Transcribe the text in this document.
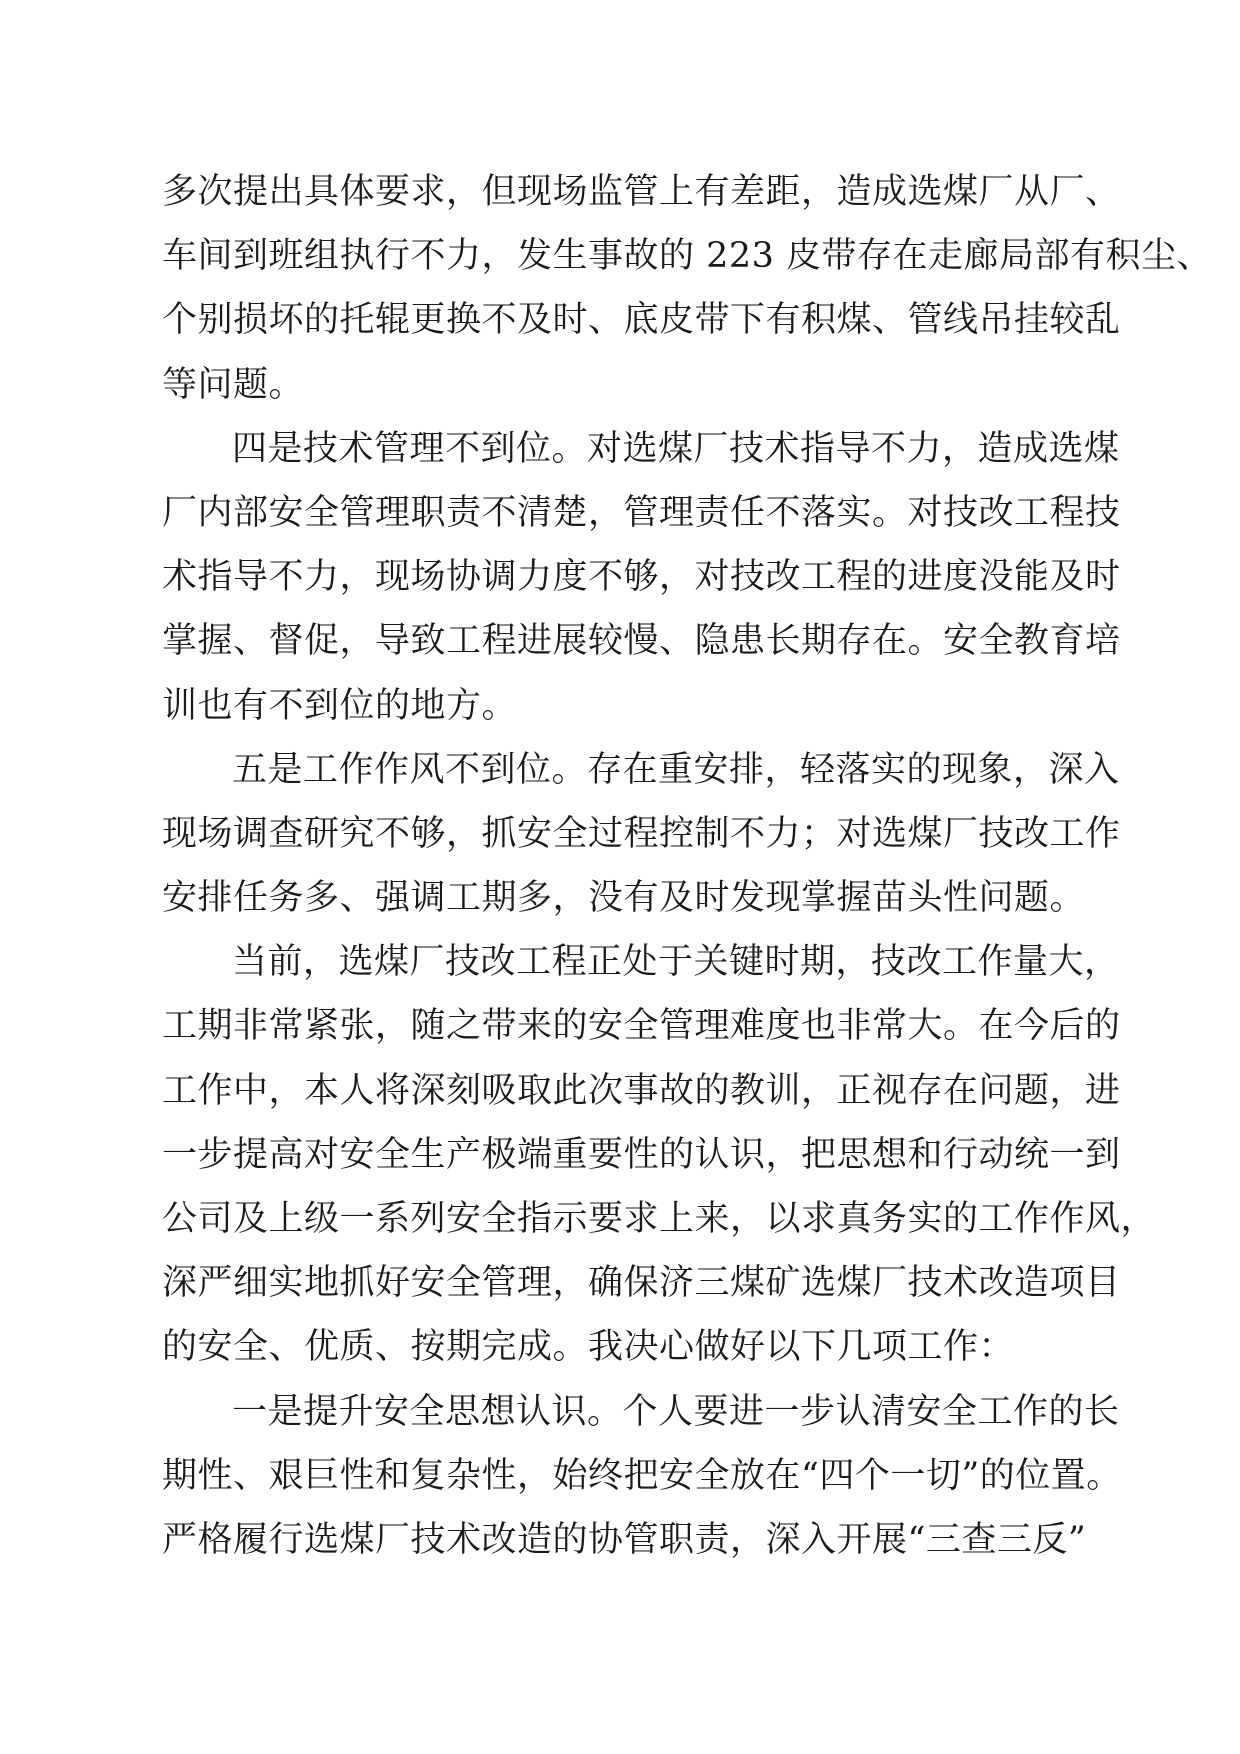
多次提出具体要求，但现场监管上有差距，造成选煤厂从厂、
车间到班组执行不力，发生事故的 223 皮带存在走廊局部有积尘、
个别损坏的托辊更换不及时、底皮带下有积煤、管线吊挂较乱
等问题。
四是技术管理不到位。对选煤厂技术指导不力，造成选煤
厂内部安全管理职责不清楚，管理责任不落实。对技改工程技
术指导不力，现场协调力度不够，对技改工程的进度没能及时
掌握、督促，导致工程进展较慢、隐患长期存在。安全教育培
训也有不到位的地方。
五是工作作风不到位。存在重安排，轻落实的现象，深入
现场调查研究不够，抓安全过程控制不力；对选煤厂技改工作
安排任务多、强调工期多，没有及时发现掌握苗头性问题。
当前，选煤厂技改工程正处于关键时期，技改工作量大，
工期非常紧张，随之带来的安全管理难度也非常大。在今后的
工作中，本人将深刻吸取此次事故的教训，正视存在问题，进
一步提高对安全生产极端重要性的认识，把思想和行动统一到
公司及上级一系列安全指示要求上来，以求真务实的工作作风，
深严细实地抓好安全管理，确保济三煤矿选煤厂技术改造项目
的安全、优质、按期完成。我决心做好以下几项工作：
一是提升安全思想认识。个人要进一步认清安全工作的长
期性、艰巨性和复杂性，始终把安全放在“四个一切”的位置。
严格履行选煤厂技术改造的协管职责，深入开展“三查三反”
